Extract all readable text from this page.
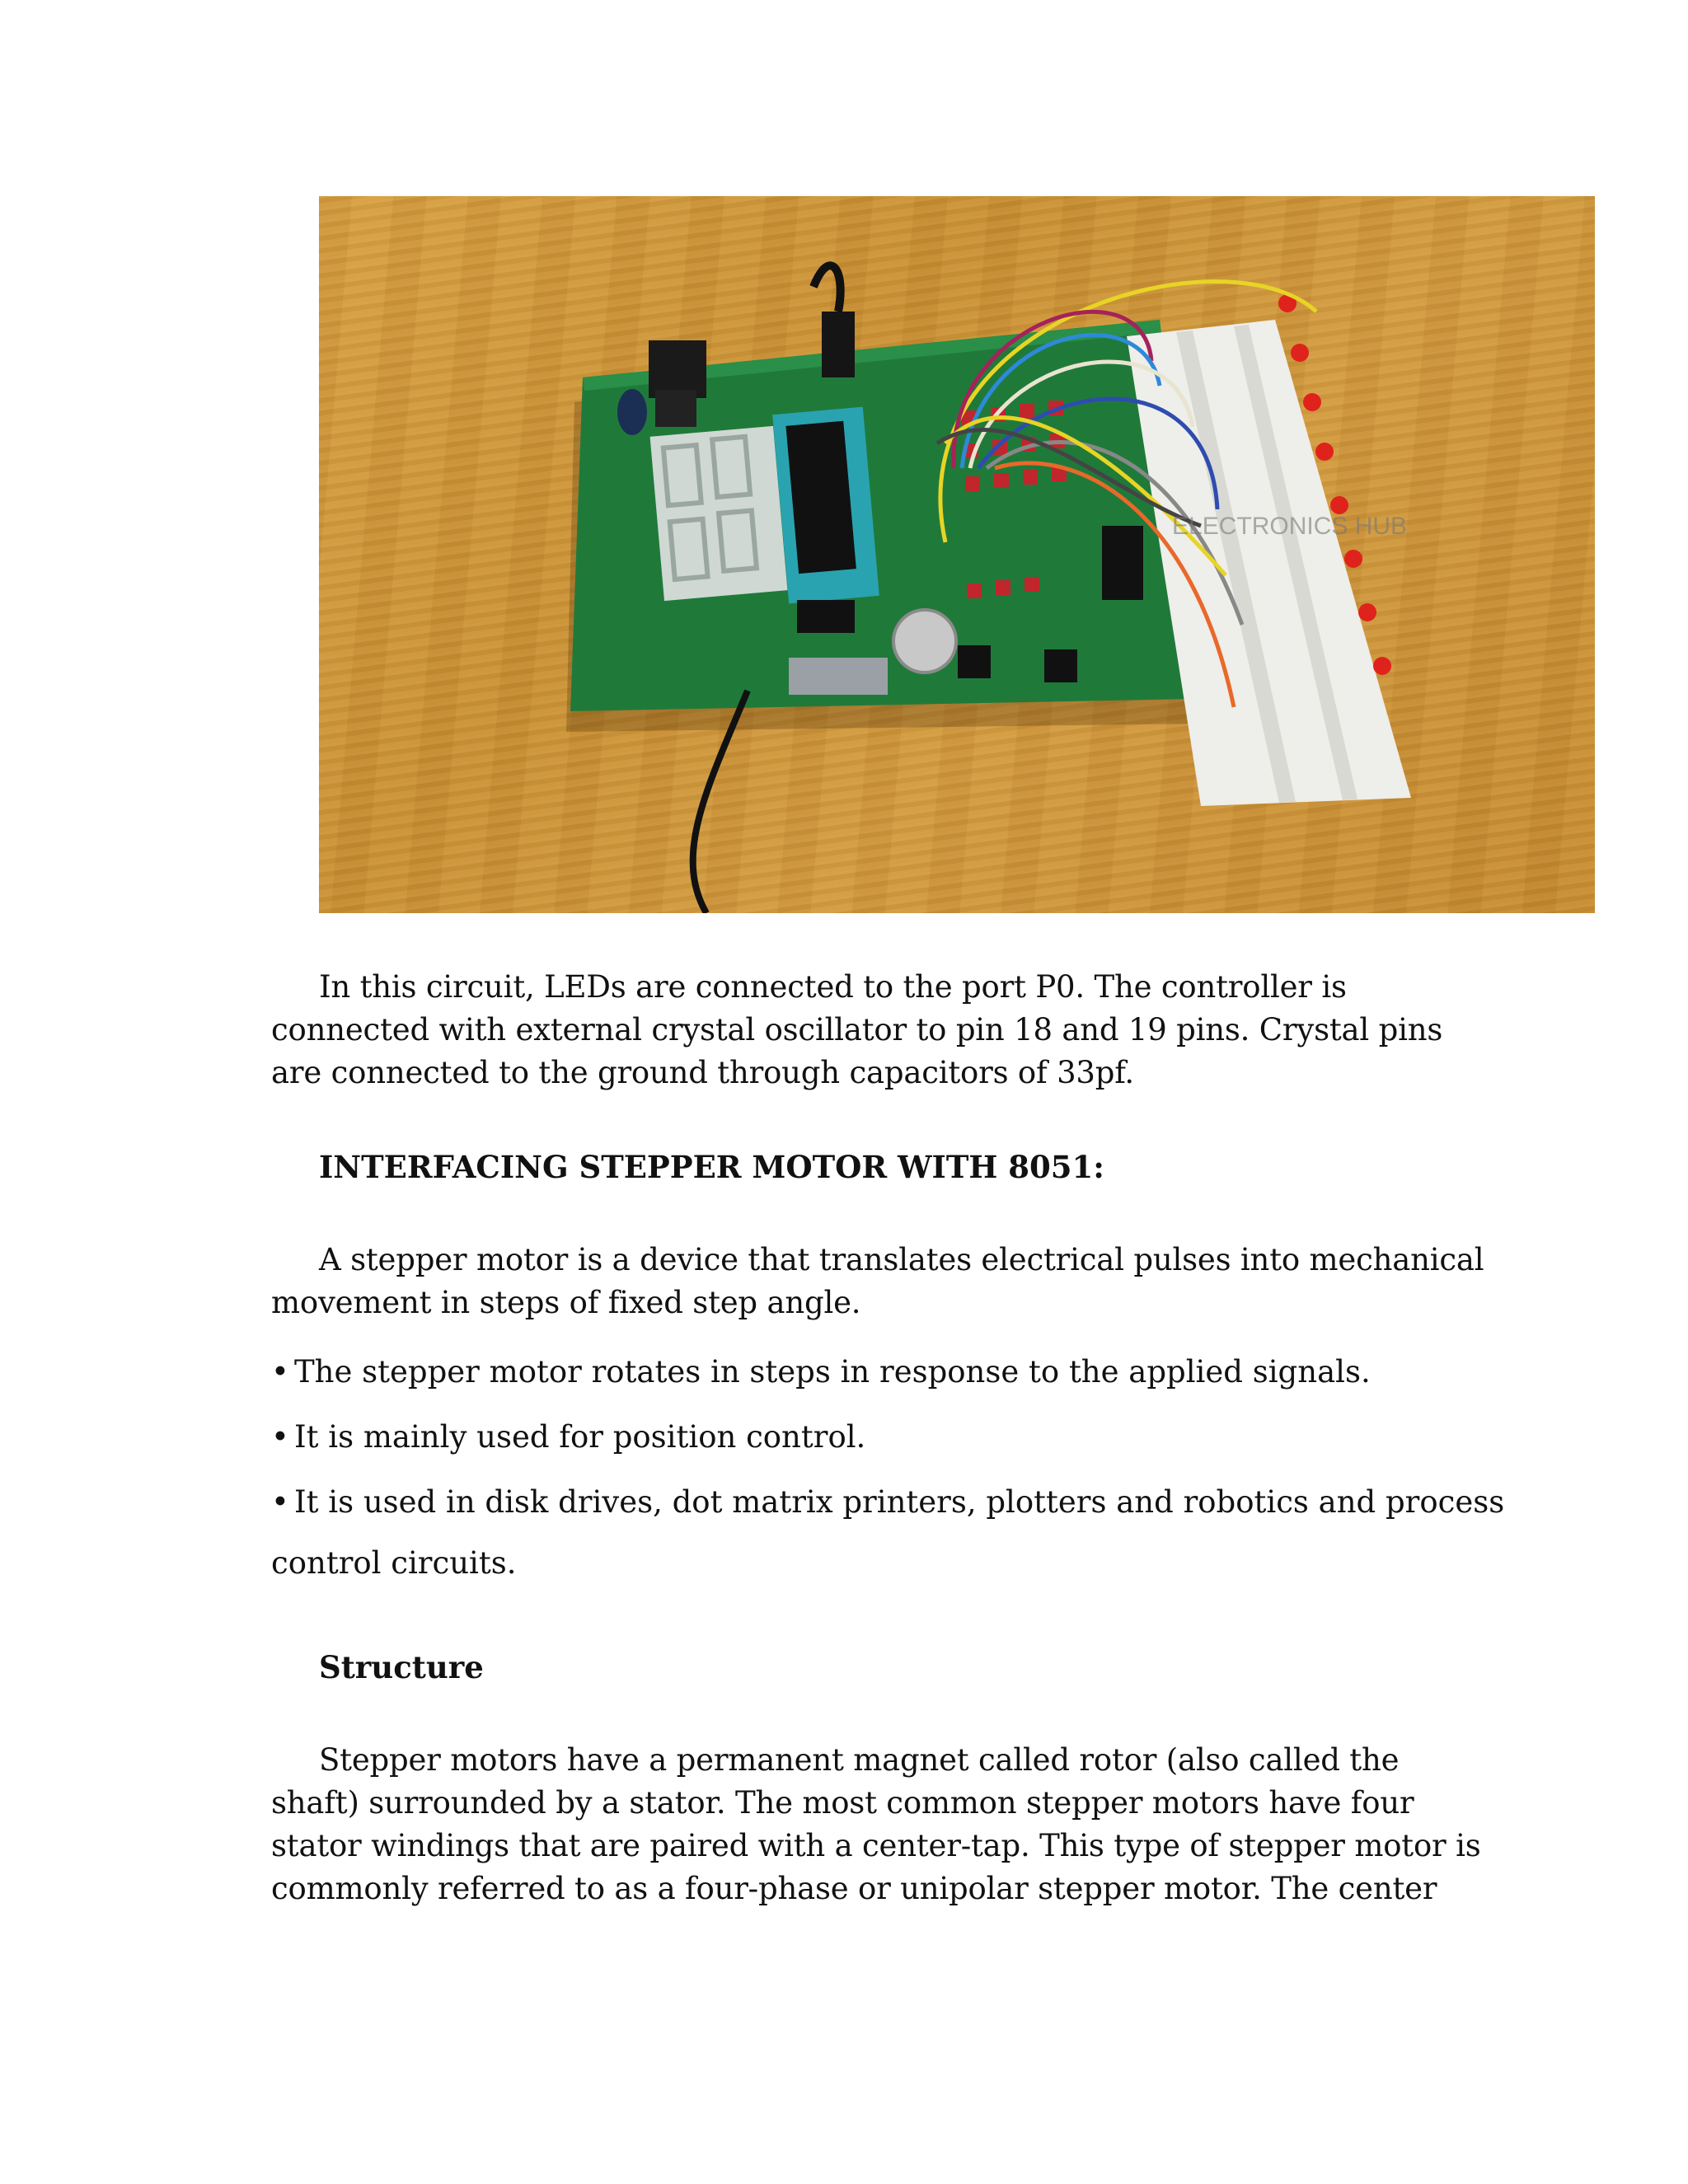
ELECTRONICS HUB

In this circuit, LEDs are connected to the port P0. The controller is connected with external crystal oscillator to pin 18 and 19 pins. Crystal pins are connected to the ground through capacitors of 33pf.

INTERFACING STEPPER MOTOR WITH 8051:

A stepper motor is a device that translates electrical pulses into mechanical movement in steps of fixed step angle.

• The stepper motor rotates in steps in response to the applied signals.

• It is mainly used for position control.

• It is used in disk drives, dot matrix printers, plotters and robotics and process control circuits.

Structure

Stepper motors have a permanent magnet called rotor (also called the shaft) surrounded by a stator. The most common stepper motors have four stator windings that are paired with a center-tap. This type of stepper motor is commonly referred to as a four-phase or unipolar stepper motor. The center
